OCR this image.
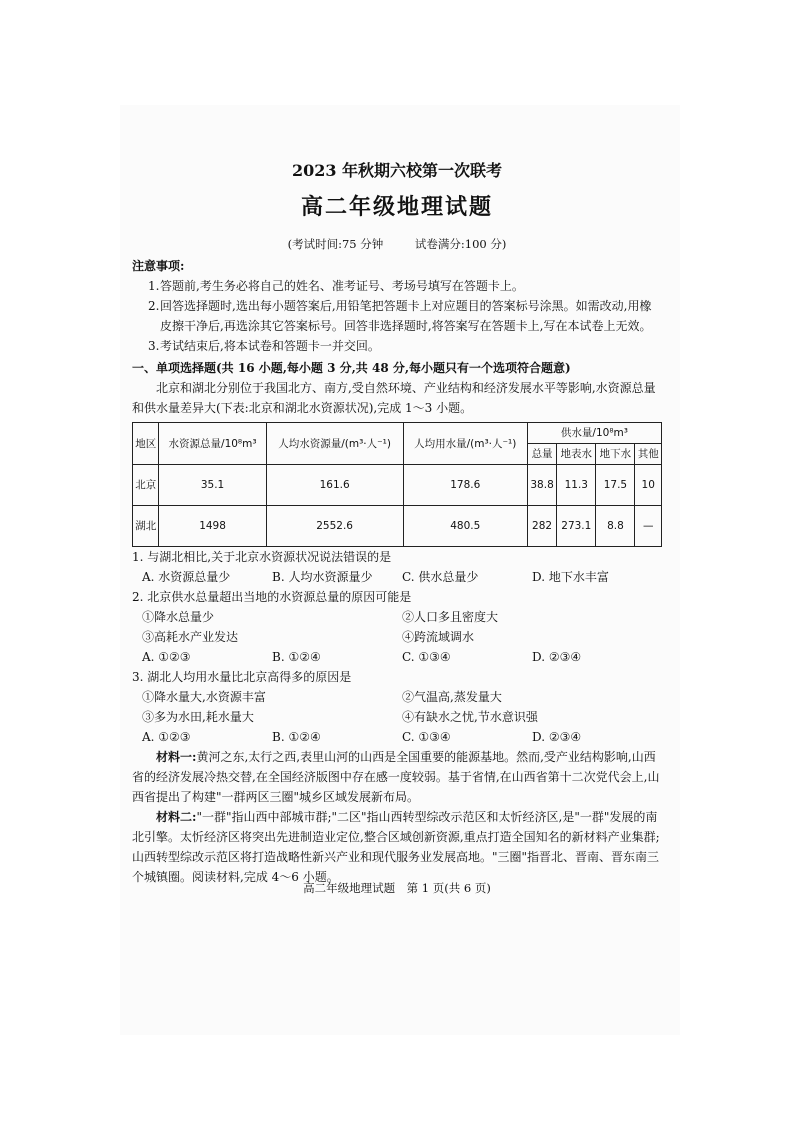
2023 年秋期六校第一次联考
高二年级地理试题
(考试时间:75 分钟	试卷满分:100 分)
注意事项:
1.答题前,考生务必将自己的姓名、准考证号、考场号填写在答题卡上。
2.回答选择题时,选出每小题答案后,用铅笔把答题卡上对应题目的答案标号涂黑。如需改动,用橡皮擦干净后,再选涂其它答案标号。回答非选择题时,将答案写在答题卡上,写在本试卷上无效。
3.考试结束后,将本试卷和答题卡一并交回。
一、单项选择题(共 16 小题,每小题 3 分,共 48 分,每小题只有一个选项符合题意)
北京和湖北分别位于我国北方、南方,受自然环境、产业结构和经济发展水平等影响,水资源总量和供水量差异大(下表:北京和湖北水资源状况),完成 1～3 小题。
地区	水资源总量/10⁸m³	人均水资源量/(m³·人⁻¹)	人均用水量/(m³·人⁻¹)	供水量/10⁸m³			
				总量	地表水	地下水	其他
北京	35.1	161.6	178.6	38.8	11.3	17.5	10
湖北	1498	2552.6	480.5	282	273.1	8.8	—
1. 与湖北相比,关于北京水资源状况说法错误的是
A. 水资源总量少	B. 人均水资源量少	C. 供水总量少	D. 地下水丰富
2. 北京供水总量超出当地的水资源总量的原因可能是
①降水总量少	②人口多且密度大
③高耗水产业发达	④跨流域调水
A. ①②③	B. ①②④	C. ①③④	D. ②③④
3. 湖北人均用水量比北京高得多的原因是
①降水量大,水资源丰富	②气温高,蒸发量大
③多为水田,耗水量大	④有缺水之忧,节水意识强
A. ①②③	B. ①②④	C. ①③④	D. ②③④
材料一:黄河之东,太行之西,表里山河的山西是全国重要的能源基地。然而,受产业结构影响,山西省的经济发展冷热交替,在全国经济版图中存在感一度较弱。基于省情,在山西省第十二次党代会上,山西省提出了构建"一群两区三圈"城乡区域发展新布局。
材料二:"一群"指山西中部城市群;"二区"指山西转型综改示范区和太忻经济区,是"一群"发展的南北引擎。太忻经济区将突出先进制造业定位,整合区域创新资源,重点打造全国知名的新材料产业集群;山西转型综改示范区将打造战略性新兴产业和现代服务业发展高地。"三圈"指晋北、晋南、晋东南三个城镇圈。阅读材料,完成 4～6 小题。
高二年级地理试题　第 1 页(共 6 页)
